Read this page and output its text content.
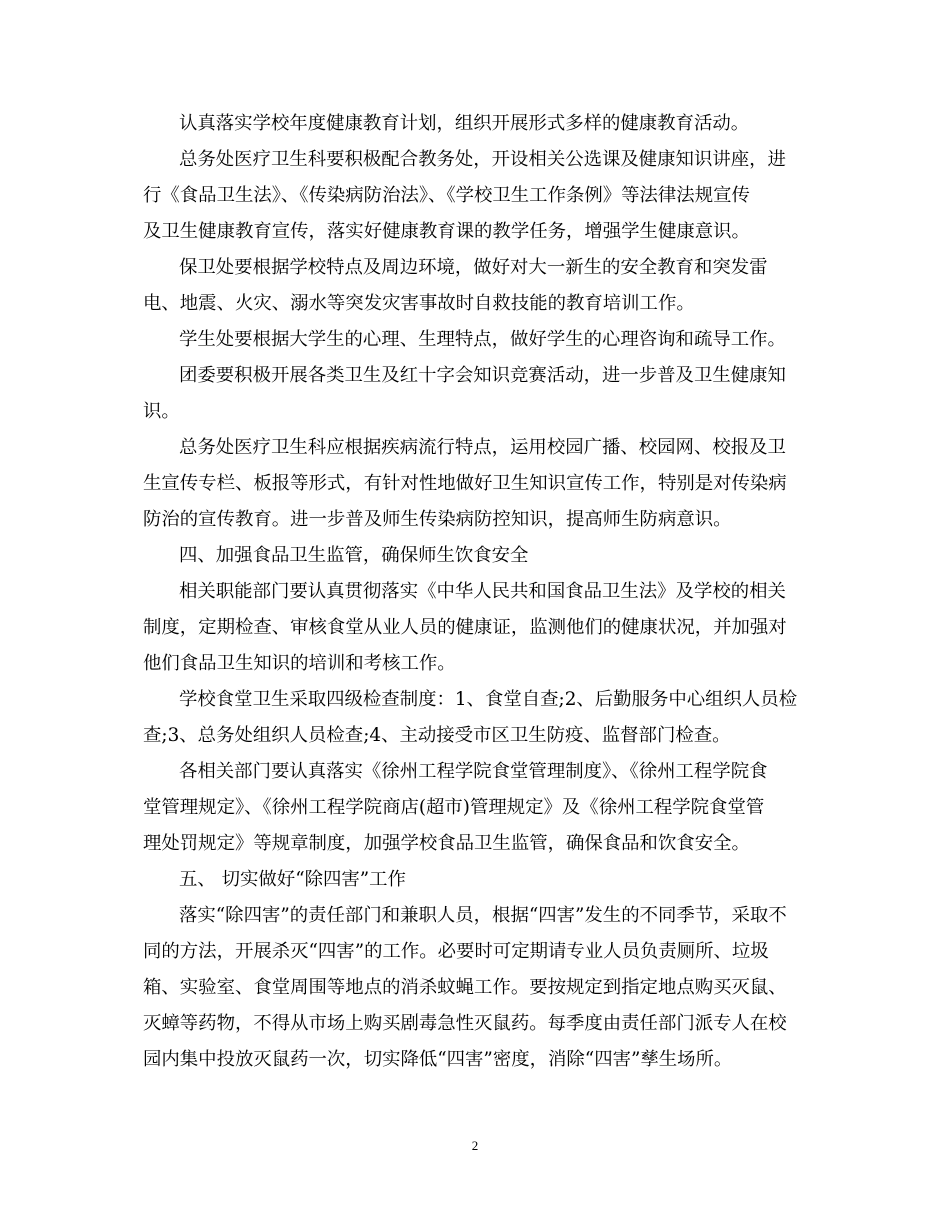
认真落实学校年度健康教育计划，组织开展形式多样的健康教育活动。
总务处医疗卫生科要积极配合教务处，开设相关公选课及健康知识讲座，进
行《食品卫生法》、《传染病防治法》、《学校卫生工作条例》等法律法规宣传
及卫生健康教育宣传，落实好健康教育课的教学任务，增强学生健康意识。
保卫处要根据学校特点及周边环境，做好对大一新生的安全教育和突发雷
电、地震、火灾、溺水等突发灾害事故时自救技能的教育培训工作。
学生处要根据大学生的心理、生理特点，做好学生的心理咨询和疏导工作。
团委要积极开展各类卫生及红十字会知识竞赛活动，进一步普及卫生健康知
识。
总务处医疗卫生科应根据疾病流行特点，运用校园广播、校园网、校报及卫
生宣传专栏、板报等形式，有针对性地做好卫生知识宣传工作，特别是对传染病
防治的宣传教育。进一步普及师生传染病防控知识，提高师生防病意识。
四、加强食品卫生监管，确保师生饮食安全
相关职能部门要认真贯彻落实《中华人民共和国食品卫生法》及学校的相关
制度，定期检查、审核食堂从业人员的健康证，监测他们的健康状况，并加强对
他们食品卫生知识的培训和考核工作。
学校食堂卫生采取四级检查制度：1、食堂自查;2、后勤服务中心组织人员检
查;3、总务处组织人员检查;4、主动接受市区卫生防疫、监督部门检查。
各相关部门要认真落实《徐州工程学院食堂管理制度》、《徐州工程学院食
堂管理规定》、《徐州工程学院商店(超市)管理规定》及《徐州工程学院食堂管
理处罚规定》等规章制度，加强学校食品卫生监管，确保食品和饮食安全。
五、 切实做好“除四害”工作
落实“除四害”的责任部门和兼职人员，根据“四害”发生的不同季节，采取不
同的方法，开展杀灭“四害”的工作。必要时可定期请专业人员负责厕所、垃圾
箱、实验室、食堂周围等地点的消杀蚊蝇工作。要按规定到指定地点购买灭鼠、
灭蟑等药物，不得从市场上购买剧毒急性灭鼠药。每季度由责任部门派专人在校
园内集中投放灭鼠药一次，切实降低“四害”密度，消除“四害”孳生场所。
2
